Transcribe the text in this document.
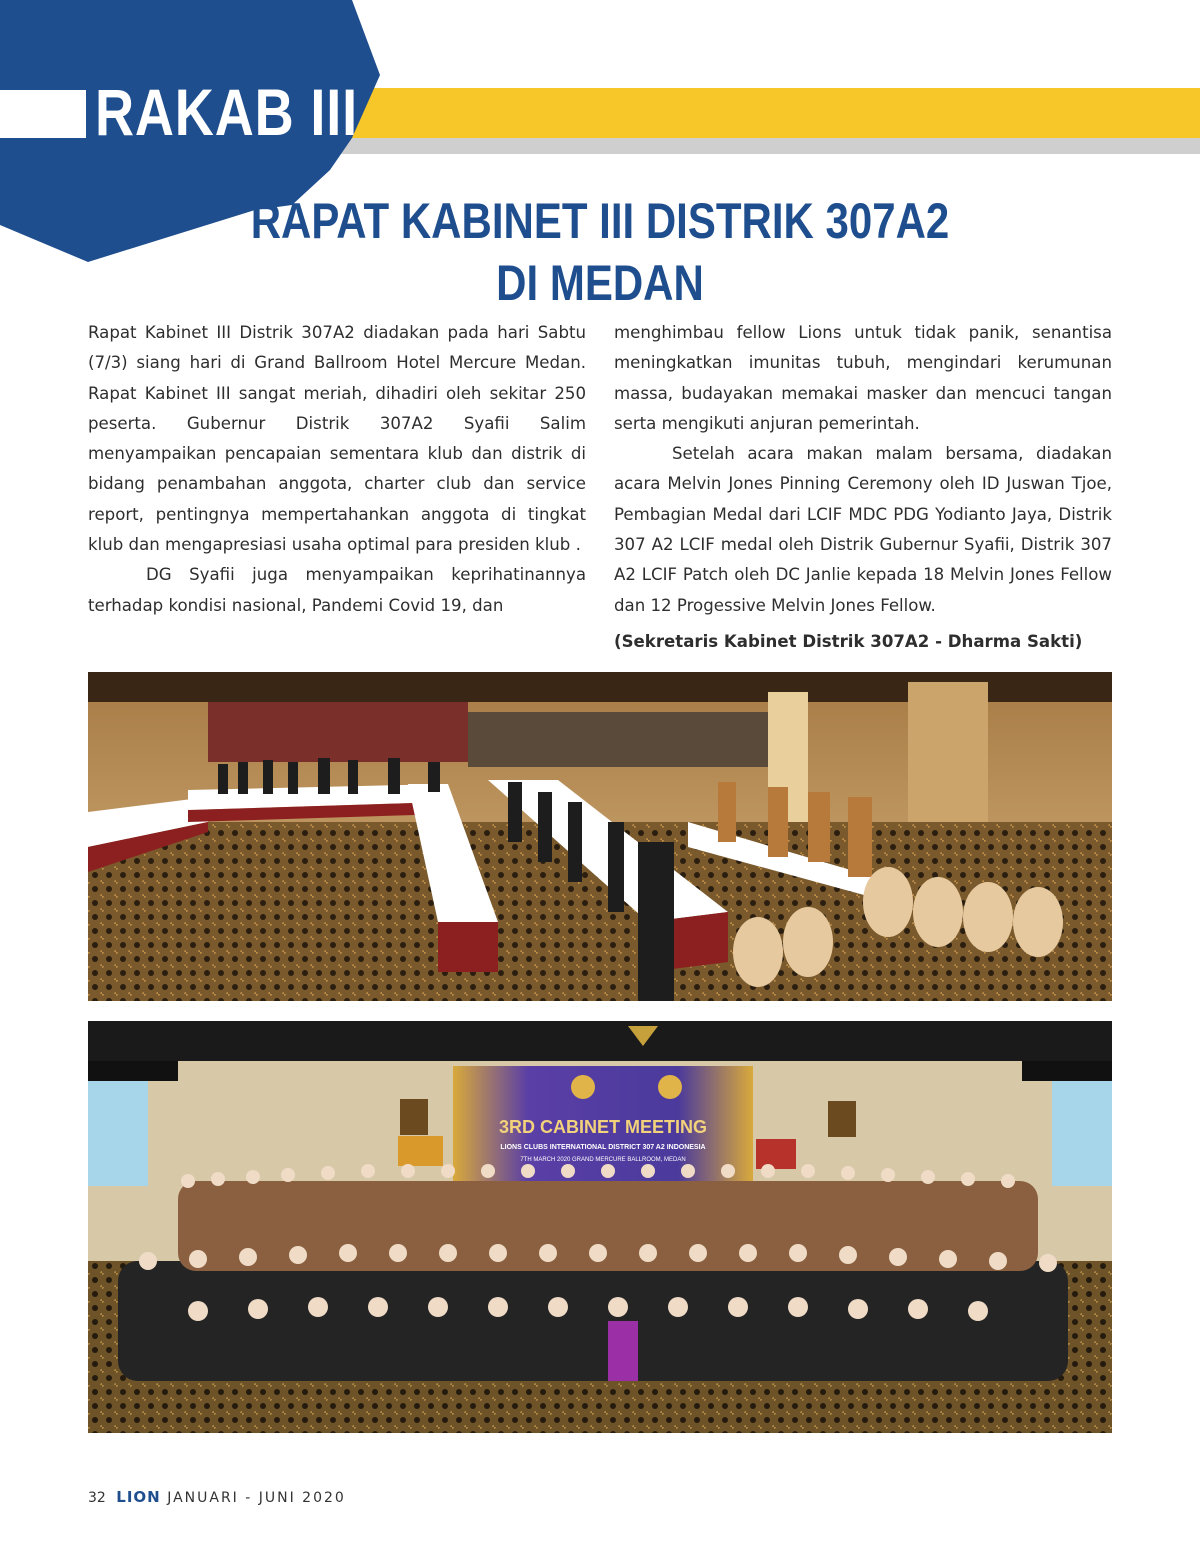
RAKAB III
RAPAT KABINET III DISTRIK 307A2
DI MEDAN

Rapat Kabinet III Distrik 307A2 diadakan pada hari Sabtu (7/3) siang hari di Grand Ballroom Hotel Mercure Medan. Rapat Kabinet III sangat meriah, dihadiri oleh sekitar 250 peserta. Gubernur Distrik 307A2 Syafii Salim menyampaikan pencapaian sementara klub dan distrik di bidang penambahan anggota, charter club dan service report, pentingnya mempertahankan anggota di tingkat klub dan mengapresiasi usaha optimal para presiden klub .

DG Syafii juga menyampaikan keprihatinannya terhadap kondisi nasional, Pandemi Covid 19, dan

menghimbau fellow Lions untuk tidak panik, senantisa meningkatkan imunitas tubuh, mengindari kerumunan massa, budayakan memakai masker dan mencuci tangan serta mengikuti anjuran pemerintah.

Setelah acara makan malam bersama, diadakan acara Melvin Jones Pinning Ceremony oleh ID Juswan Tjoe, Pembagian Medal dari LCIF MDC PDG Yodianto Jaya, Distrik 307 A2 LCIF medal oleh Distrik Gubernur Syafii, Distrik 307 A2 LCIF Patch oleh DC Janlie kepada 18 Melvin Jones Fellow dan 12 Progessive Melvin Jones Fellow.

(Sekretaris Kabinet Distrik 307A2 - Dharma Sakti)

3RD CABINET MEETING
LIONS CLUBS INTERNATIONAL DISTRICT 307 A2 INDONESIA
7TH MARCH 2020 GRAND MERCURE BALLROOM, MEDAN
32 LION JANUARI - JUNI 2020
